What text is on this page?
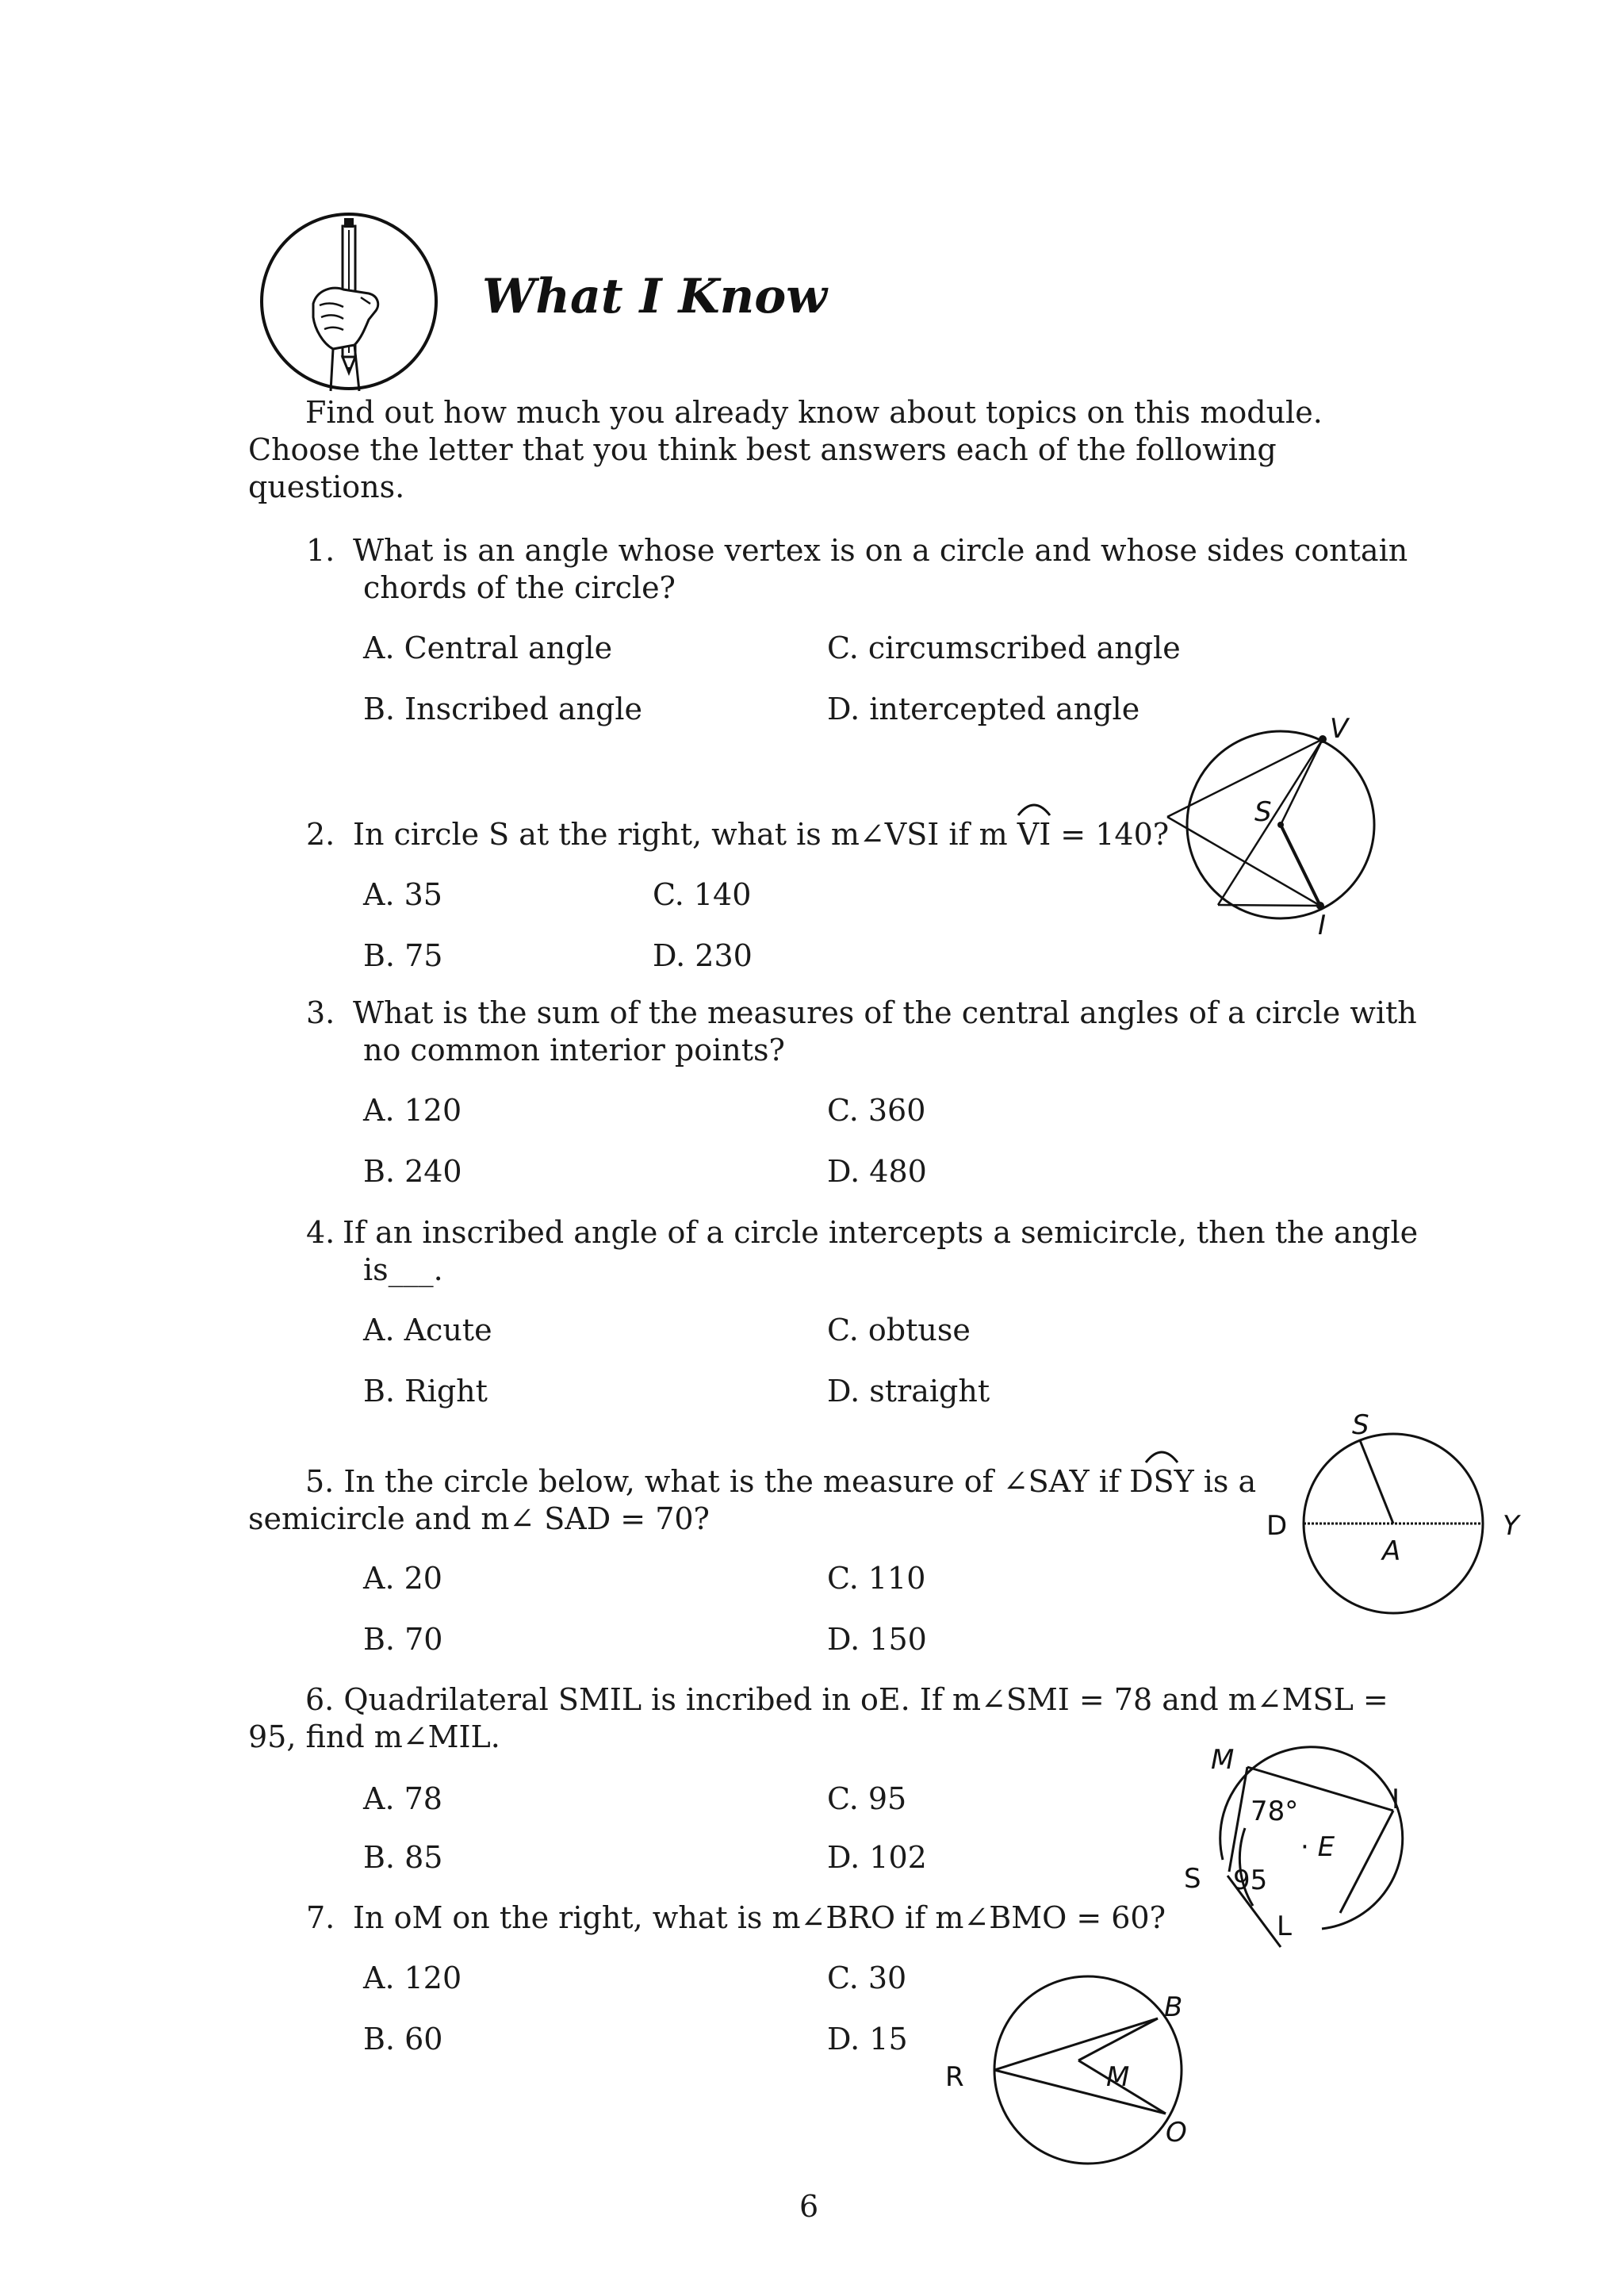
What I Know
Find out how much you already know about topics on this module.
Choose the letter that you think best answers each of the following
questions.
1. What is an angle whose vertex is on a circle and whose sides contain
chords of the circle?
A. Central angle	C. circumscribed angle
B. Inscribed angle	D. intercepted angle
2. In circle S at the right, what is m∠VSI if m VI = 140?
A. 35	C. 140
B. 75	D. 230
V
S
I
3. What is the sum of the measures of the central angles of a circle with
no common interior points?
A. 120	C. 360
B. 240	D. 480
4. If an inscribed angle of a circle intercepts a semicircle, then the angle
is___.
A. Acute	C. obtuse
B. Right	D. straight
5. In the circle below, what is the measure of ∠SAY if DSY is a
semicircle and m∠ SAD = 70?
A. 20	C. 110
B. 70	D. 150
S
D
A
Y
6. Quadrilateral SMIL is incribed in oE. If m∠SMI = 78 and m∠MSL =
95, find m∠MIL.
A. 78	C. 95
B. 85	D. 102
M
I
78°
· E
S 95
L
7. In oM on the right, what is m∠BRO if m∠BMO = 60?
A. 120	C. 30
B. 60	D. 15
B
R	M
O
6
